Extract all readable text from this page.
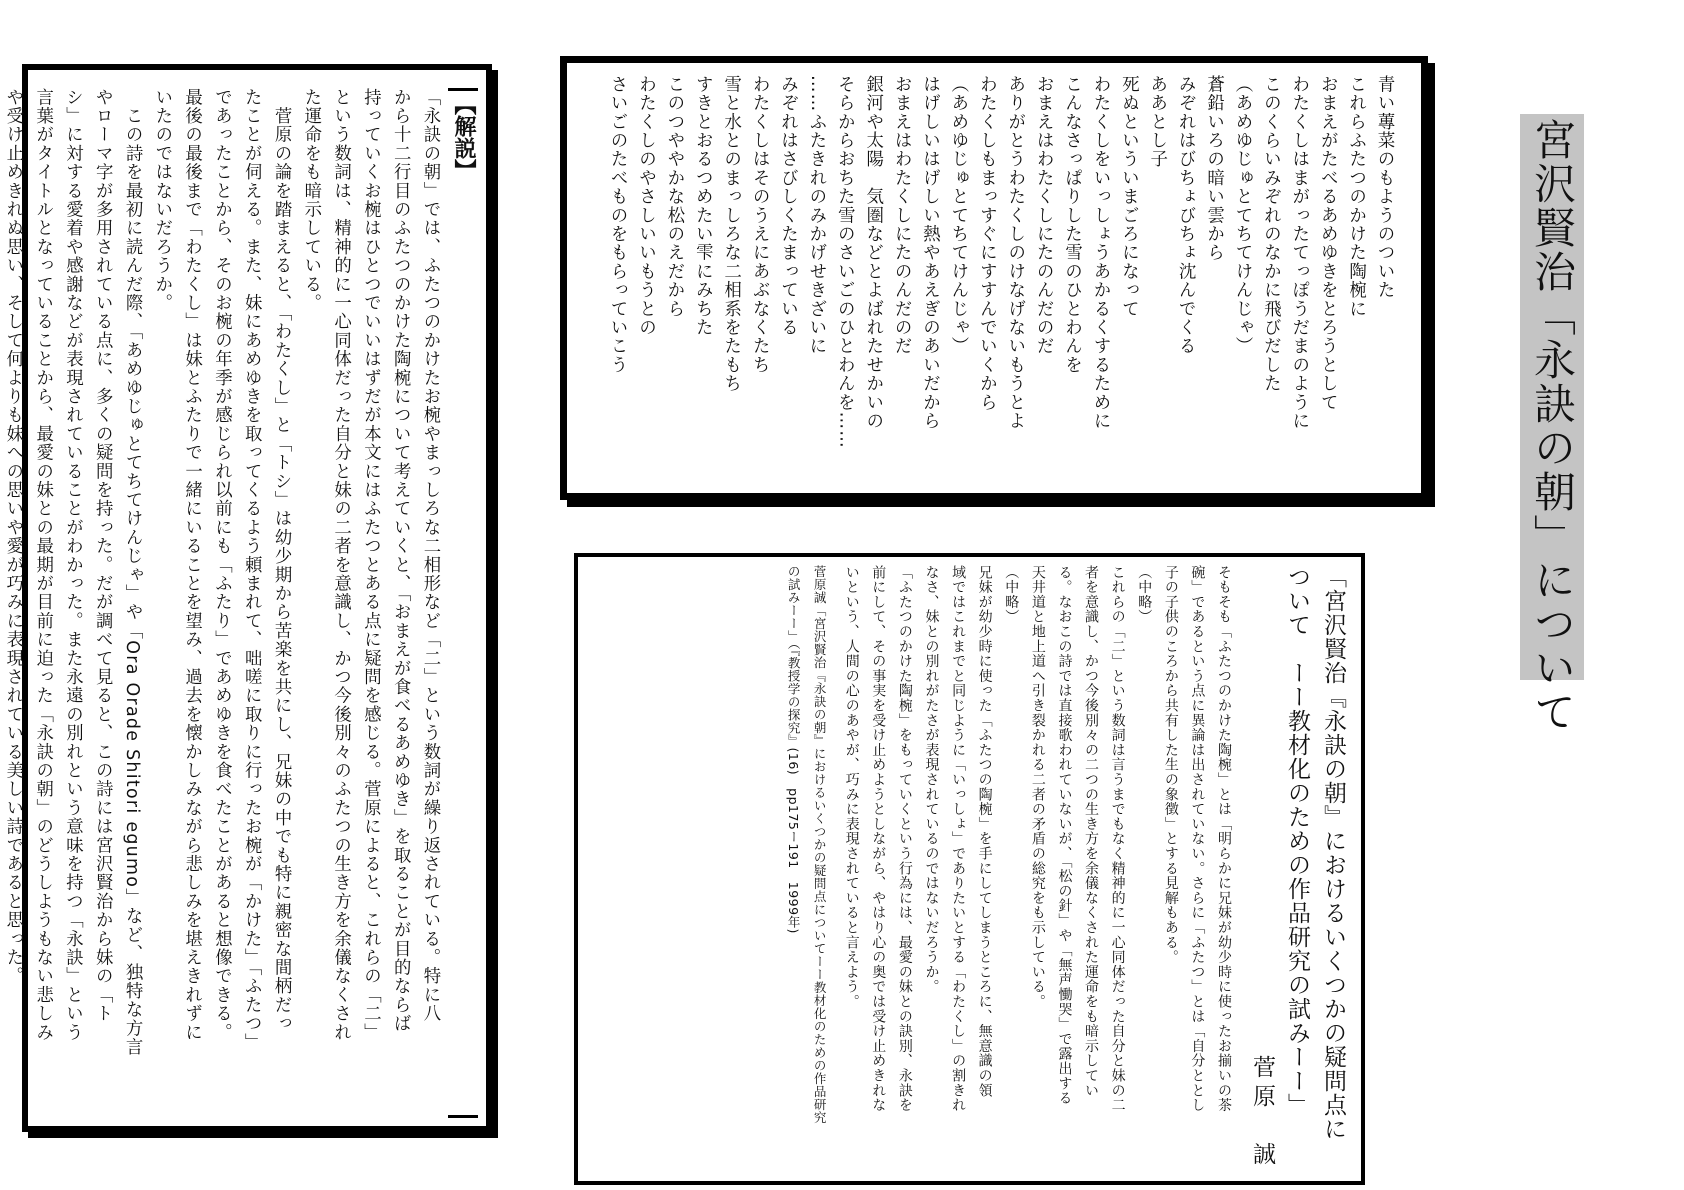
宮沢賢治「永訣の朝」について
青い蓴菜のもようのついた
これらふたつのかけた陶椀に
おまえがたべるあめゆきをとろうとして
わたくしはまがったてっぽうだまのように
このくらいみぞれのなかに飛びだした
（あめゆじゅとてちてけんじゃ）
蒼鉛いろの暗い雲から
みぞれはびちょびちょ沈んでくる
ああとし子
死ぬといういまごろになって
わたくしをいっしょうあかるくするために
こんなさっぱりした雪のひとわんを
おまえはわたくしにたのんだのだ
ありがとうわたくしのけなげないもうとよ
わたくしもまっすぐにすすんでいくから
（あめゆじゅとてちてけんじゃ）
はげしいはげしい熱やあえぎのあいだから
おまえはわたくしにたのんだのだ
銀河や太陽　気圏などとよばれたせかいの
そらからおちた雪のさいごのひとわんを……
……ふたきれのみかげせきざいに
みぞれはさびしくたまっている
わたくしはそのうえにあぶなくたち
雪と水とのまっしろな二相系をたもち
すきとおるつめたい雫にみちた
このつややかな松のえだから
わたくしのやさしいいもうとの
さいごのたべものをもらっていこう
「宮沢賢治『永訣の朝』におけるいくつかの疑問点に
ついて　ーー教材化のための作品研究の試みーー」
菅原　誠
そもそも「ふたつのかけた陶椀」とは「明らかに兄妹が幼少時に使ったお揃いの茶
碗」であるという点に異論は出されていない。さらに「ふたつ」とは「自分ととし
子の子供のころから共有した生の象徴」とする見解もある。
（中略）
これらの「二」という数詞は言うまでもなく精神的に一心同体だった自分と妹の二
者を意識し、かつ今後別々の二つの生き方を余儀なくされた運命をも暗示してい
る。なおこの詩では直接歌われていないが、「松の針」や「無声慟哭」で露出する
天井道と地上道へ引き裂かれる二者の矛盾の総究をも示している。
（中略）
兄妹が幼少時に使った「ふたつの陶椀」を手にしてしまうところに、無意識の領
域ではこれまでと同じように「いっしょ」でありたいとする「わたくし」の割きれ
なさ、妹との別れがたさが表現されているのではないだろうか。
「ふたつのかけた陶椀」をもっていくという行為には、最愛の妹との訣別、永訣を
前にして、その事実を受け止めようとしながら、やはり心の奥では受け止めきれな
いという、人間の心のあやが、巧みに表現されていると言えよう。
菅原誠「宮沢賢治『永訣の朝』におけるいくつかの疑問点についてーー教材化のための作品研究
の試みーー」（『教授学の探究』(16)　pp175ー191　1999年)
【解説】
「永訣の朝」では、ふたつのかけたお椀やまっしろな二相形など「二」という数詞が繰り返されている。特に八
から十二行目のふたつのかけた陶椀について考えていくと、「おまえが食べるあめゆき」を取ることが目的ならば
持っていくお椀はひとつでいいはずだが本文にはふたつとある点に疑問を感じる。菅原によると、これらの「二」
という数詞は、精神的に一心同体だった自分と妹の二者を意識し、かつ今後別々のふたつの生き方を余儀なくされ
た運命をも暗示している。
　菅原の論を踏まえると、「わたくし」と「トシ」は幼少期から苦楽を共にし、兄妹の中でも特に親密な間柄だっ
たことが伺える。また、妹にあめゆきを取ってくるよう頼まれて、咄嗟に取りに行ったお椀が「かけた」「ふたつ」
であったことから、そのお椀の年季が感じられ以前にも「ふたり」であめゆきを食べたことがあると想像できる。
最後の最後まで「わたくし」は妹とふたりで一緒にいることを望み、過去を懐かしみながら悲しみを堪えきれずに
いたのではないだろうか。
　この詩を最初に読んだ際、「あめゆじゅとてちてけんじゃ」や「Ora Orade Shitori egumo」など、独特な方言
やローマ字が多用されている点に、多くの疑問を持った。だが調べて見ると、この詩には宮沢賢治から妹の「ト
シ」に対する愛着や感謝などが表現されていることがわかった。また永遠の別れという意味を持つ「永訣」という
言葉がタイトルとなっていることから、最愛の妹との最期が目前に迫った「永訣の朝」のどうしようもない悲しみ
や受け止めきれぬ思い、そして何よりも妹への思いや愛が巧みに表現されている美しい詩であると思った。
